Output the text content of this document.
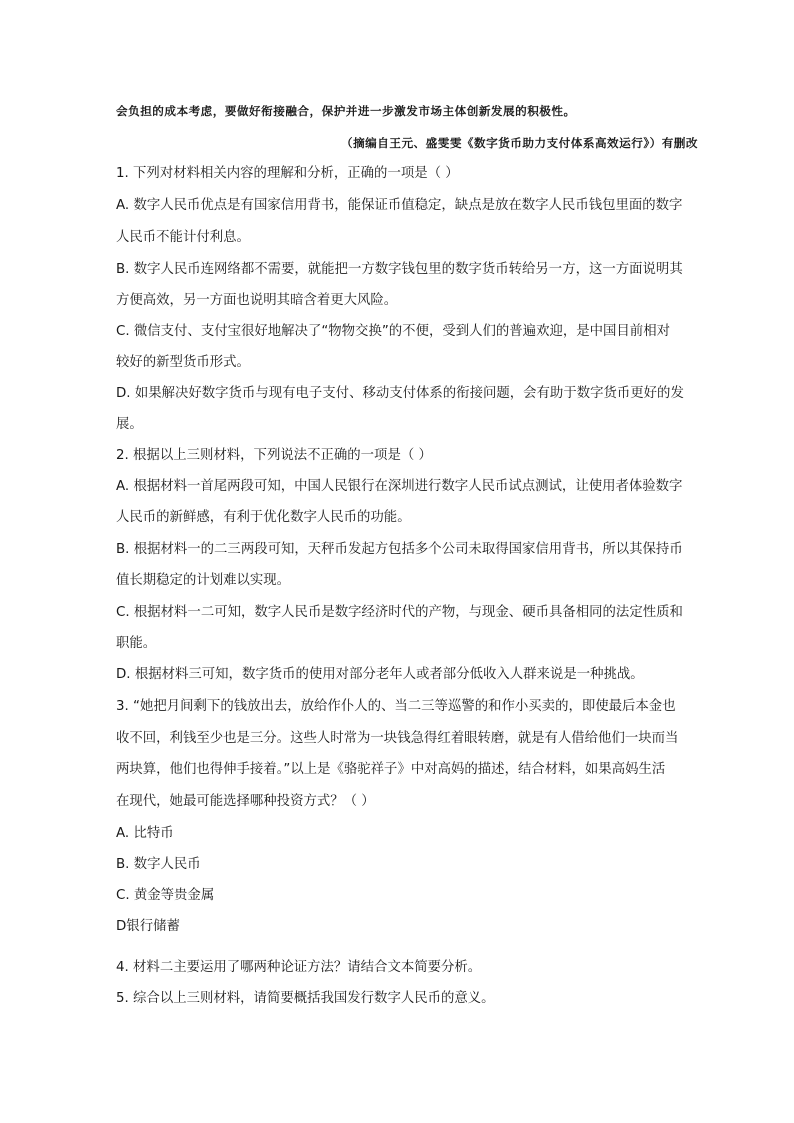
会负担的成本考虑，要做好衔接融合，保护并进一步激发市场主体创新发展的积极性。
（摘编自王元、盛雯雯《数字货币助力支付体系高效运行》）有删改
1. 下列对材料相关内容的理解和分析，正确的一项是（ ）
A. 数字人民币优点是有国家信用背书，能保证币值稳定，缺点是放在数字人民币钱包里面的数字
人民币不能计付利息。
B. 数字人民币连网络都不需要，就能把一方数字钱包里的数字货币转给另一方，这一方面说明其
方便高效，另一方面也说明其暗含着更大风险。
C. 微信支付、支付宝很好地解决了“物物交换”的不便，受到人们的普遍欢迎，是中国目前相对
较好的新型货币形式。
D. 如果解决好数字货币与现有电子支付、移动支付体系的衔接问题，会有助于数字货币更好的发
展。
2. 根据以上三则材料，下列说法不正确的一项是（ ）
A. 根据材料一首尾两段可知，中国人民银行在深圳进行数字人民币试点测试，让使用者体验数字
人民币的新鲜感，有利于优化数字人民币的功能。
B. 根据材料一的二三两段可知，天秤币发起方包括多个公司未取得国家信用背书，所以其保持币
值长期稳定的计划难以实现。
C. 根据材料一二可知，数字人民币是数字经济时代的产物，与现金、硬币具备相同的法定性质和
职能。
D. 根据材料三可知，数字货币的使用对部分老年人或者部分低收入人群来说是一种挑战。
3. “她把月间剩下的钱放出去，放给作仆人的、当二三等巡警的和作小买卖的，即使最后本金也
收不回，利钱至少也是三分。这些人时常为一块钱急得红着眼转磨，就是有人借给他们一块而当
两块算，他们也得伸手接着。”以上是《骆驼祥子》中对高妈的描述，结合材料，如果高妈生活
在现代，她最可能选择哪种投资方式？（ ）
A. 比特币
B. 数字人民币
C. 黄金等贵金属
D银行储蓄
4. 材料二主要运用了哪两种论证方法？请结合文本简要分析。
5. 综合以上三则材料，请简要概括我国发行数字人民币的意义。
